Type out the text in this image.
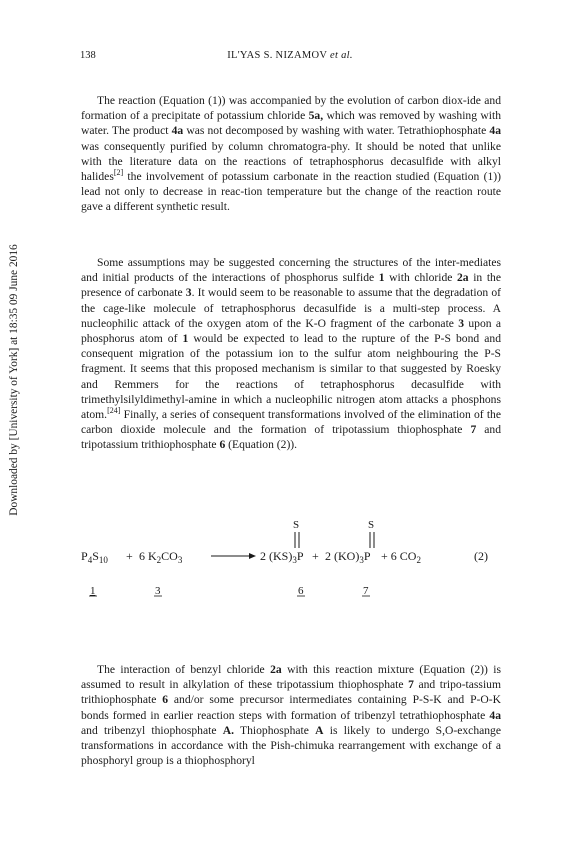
138	IL'YAS S. NIZAMOV et al.
Downloaded by [University of York] at 18:35 09 June 2016

The reaction (Equation (1)) was accompanied by the evolution of carbon diox-ide and formation of a precipitate of potassium chloride 5a, which was removed by washing with water. The product 4a was not decomposed by washing with water. Tetrathiophosphate 4a was consequently purified by column chromatogra-phy. It should be noted that unlike with the literature data on the reactions of tetraphosphorus decasulfide with alkyl halides[2] the involvement of potassium carbonate in the reaction studied (Equation (1)) lead not only to decrease in reac-tion temperature but the change of the reaction route gave a different synthetic result.

Some assumptions may be suggested concerning the structures of the inter-mediates and initial products of the interactions of phosphorus sulfide 1 with chloride 2a in the presence of carbonate 3. It would seem to be reasonable to assume that the degradation of the cage-like molecule of tetraphosphorus decasulfide is a multi-step process. A nucleophilic attack of the oxygen atom of the K-O fragment of the carbonate 3 upon a phosphorus atom of 1 would be expected to lead to the rupture of the P-S bond and consequent migration of the potassium ion to the sulfur atom neighbouring the P-S fragment. It seems that this proposed mechanism is similar to that suggested by Roesky and Remmers for the reactions of tetraphosphorus decasulfide with trimethylsilyldimethyl-amine in which a nucleophilic nitrogen atom attacks a phosphons atom.[24] Finally, a series of consequent transformations involved of the elimination of the carbon dioxide molecule and the formation of tripotassium thiophosphate 7 and tripotassium trithiophosphate 6 (Equation (2)).

$P_4S_{10} + 6$ $K_2CO_3$	2 $(KS)_3P$
S
+ 2 $(KO)_3P$
S
+ 6 $CO_2$	(2)
1	3	6	7

The interaction of benzyl chloride 2a with this reaction mixture (Equation (2)) is assumed to result in alkylation of these tripotassium thiophosphate 7 and tripo-tassium trithiophosphate 6 and/or some precursor intermediates containing P-S-K and P-O-K bonds formed in earlier reaction steps with formation of tribenzyl tetrathiophosphate 4a and tribenzyl thiophosphate A. Thiophosphate A is likely to undergo S,O-exchange transformations in accordance with the Pish-chimuka rearrangement with exchange of a phosphoryl group is a thiophosphoryl
